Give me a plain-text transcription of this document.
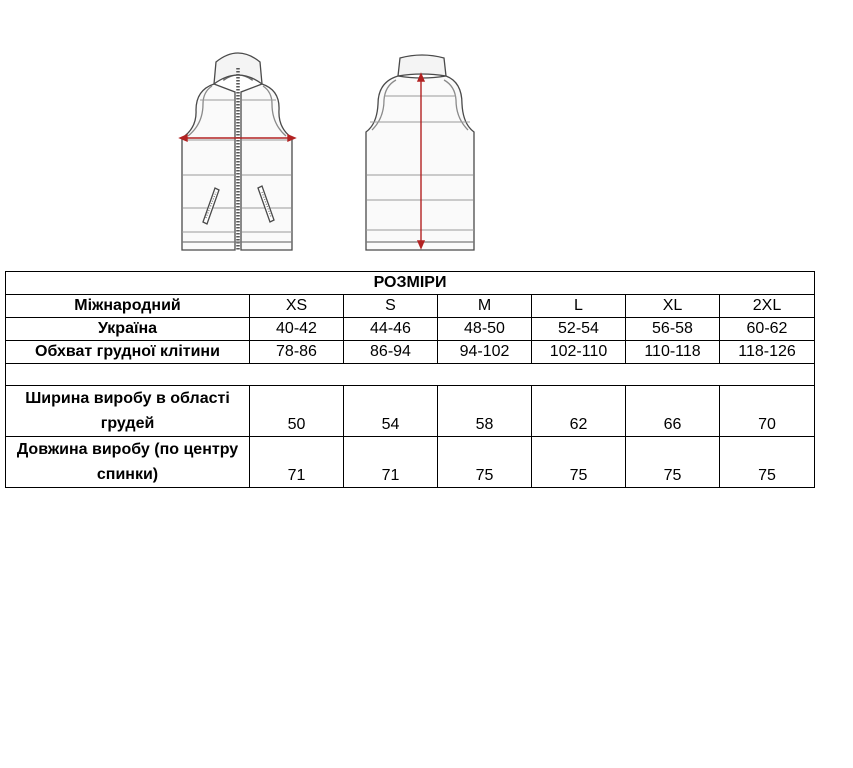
РОЗМІРИ						
Міжнародний	XS	S	M	L	XL	2XL
Україна	40-42	44-46	48-50	52-54	56-58	60-62
Обхват грудної клітини	78-86	86-94	94-102	102-110	110-118	118-126

Ширина виробу в області грудей	50	54	58	62	66	70
Довжина виробу (по центру спинки)	71	71	75	75	75	75
